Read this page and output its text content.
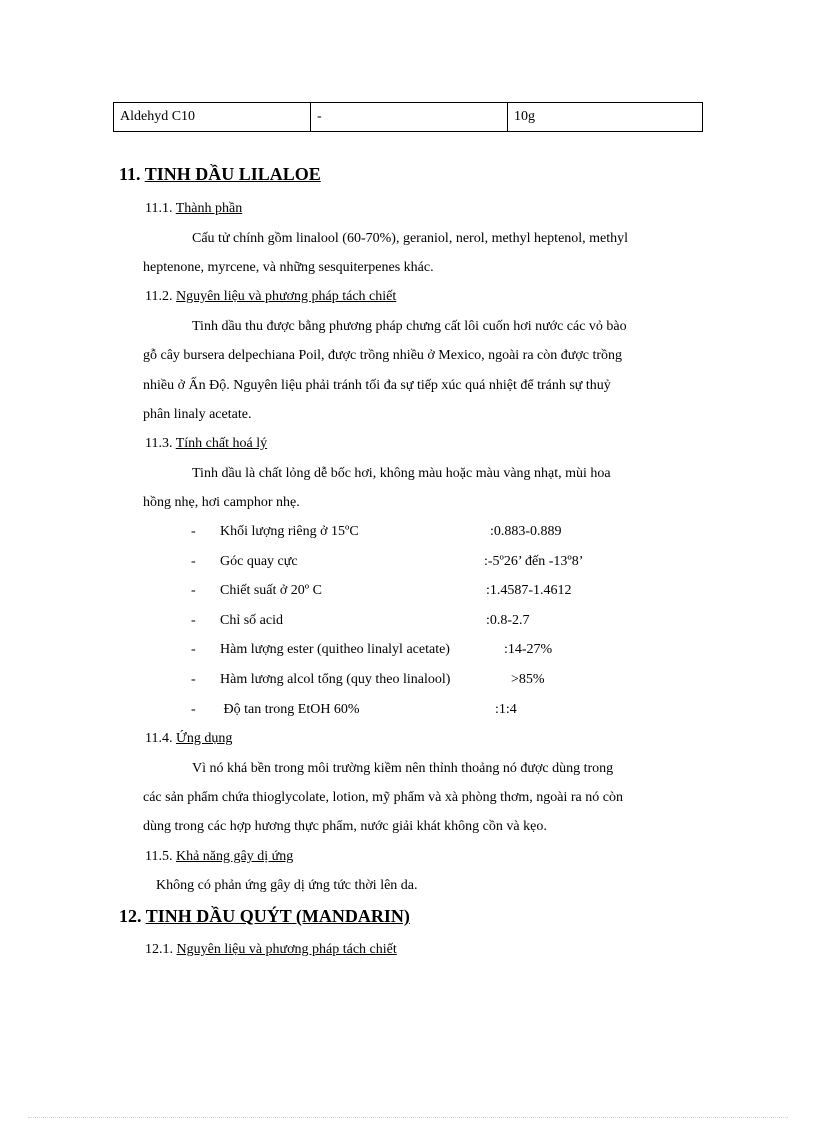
Aldehyd C10	-	10g
11. TINH DẦU LILALOE
11.1. Thành phần
Cấu tử chính gồm linalool (60-70%), geraniol, nerol, methyl heptenol, methyl
heptenone, myrcene, và những sesquiterpenes khác.
11.2. Nguyên liệu và phương pháp tách chiết
Tinh dầu thu được bằng phương pháp chưng cất lôi cuốn hơi nước các vỏ bào
gỗ cây bursera delpechiana Poil, được trồng nhiều ở Mexico, ngoài ra còn được trồng
nhiều ở Ấn Độ. Nguyên liệu phải tránh tối đa sự tiếp xúc quá nhiệt để tránh sự thuỷ
phân linaly acetate.
11.3. Tính chất hoá lý
Tinh dầu là chất lỏng dễ bốc hơi, không màu hoặc màu vàng nhạt, mùi hoa
hồng nhẹ, hơi camphor nhẹ.
- Khối lượng riêng ở 15ºC	:0.883-0.889
- Góc quay cực	:-5º26’ đến -13º8’
- Chiết suất ở 20º C	:1.4587-1.4612
- Chỉ số acid	:0.8-2.7
- Hàm lượng ester (quitheo linalyl acetate)	:14-27%
- Hàm lương alcol tổng (quy theo linalool)	>85%
- Độ tan trong EtOH 60%	:1:4
11.4. Ứng dụng
Vì nó khá bền trong môi trường kiềm nên thỉnh thoảng nó được dùng trong
các sản phẩm chứa thioglycolate, lotion, mỹ phẩm và xà phòng thơm, ngoài ra nó còn
dùng trong các hợp hương thực phẩm, nước giải khát không cồn và kẹo.
11.5. Khả năng gây dị ứng
Không có phản ứng gây dị ứng tức thời lên da.
12. TINH DẦU QUÝT (MANDARIN)
12.1. Nguyên liệu và phương pháp tách chiết
